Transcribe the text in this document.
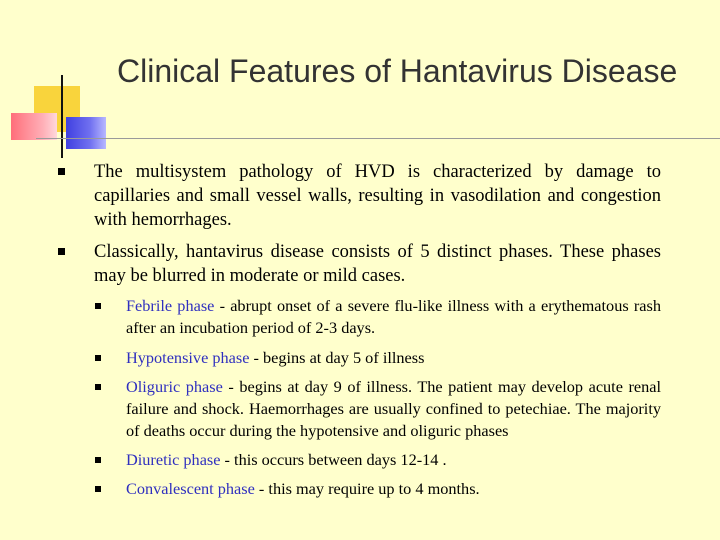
Clinical Features of Hantavirus Disease
The multisystem pathology of HVD is characterized by damage to capillaries and small vessel walls, resulting in vasodilation and congestion with hemorrhages.
Classically, hantavirus disease consists of 5 distinct phases. These phases may be blurred in moderate or mild cases.
Febrile phase - abrupt onset of a severe flu-like illness with a erythematous rash after an incubation period of 2-3 days.
Hypotensive phase - begins at day 5 of illness
Oliguric phase - begins at day 9 of illness. The patient may develop acute renal failure and shock. Haemorrhages are usually confined to petechiae. The majority of deaths occur during the hypotensive and oliguric phases
Diuretic phase - this occurs between days 12-14 .
Convalescent phase - this may require up to 4 months.
